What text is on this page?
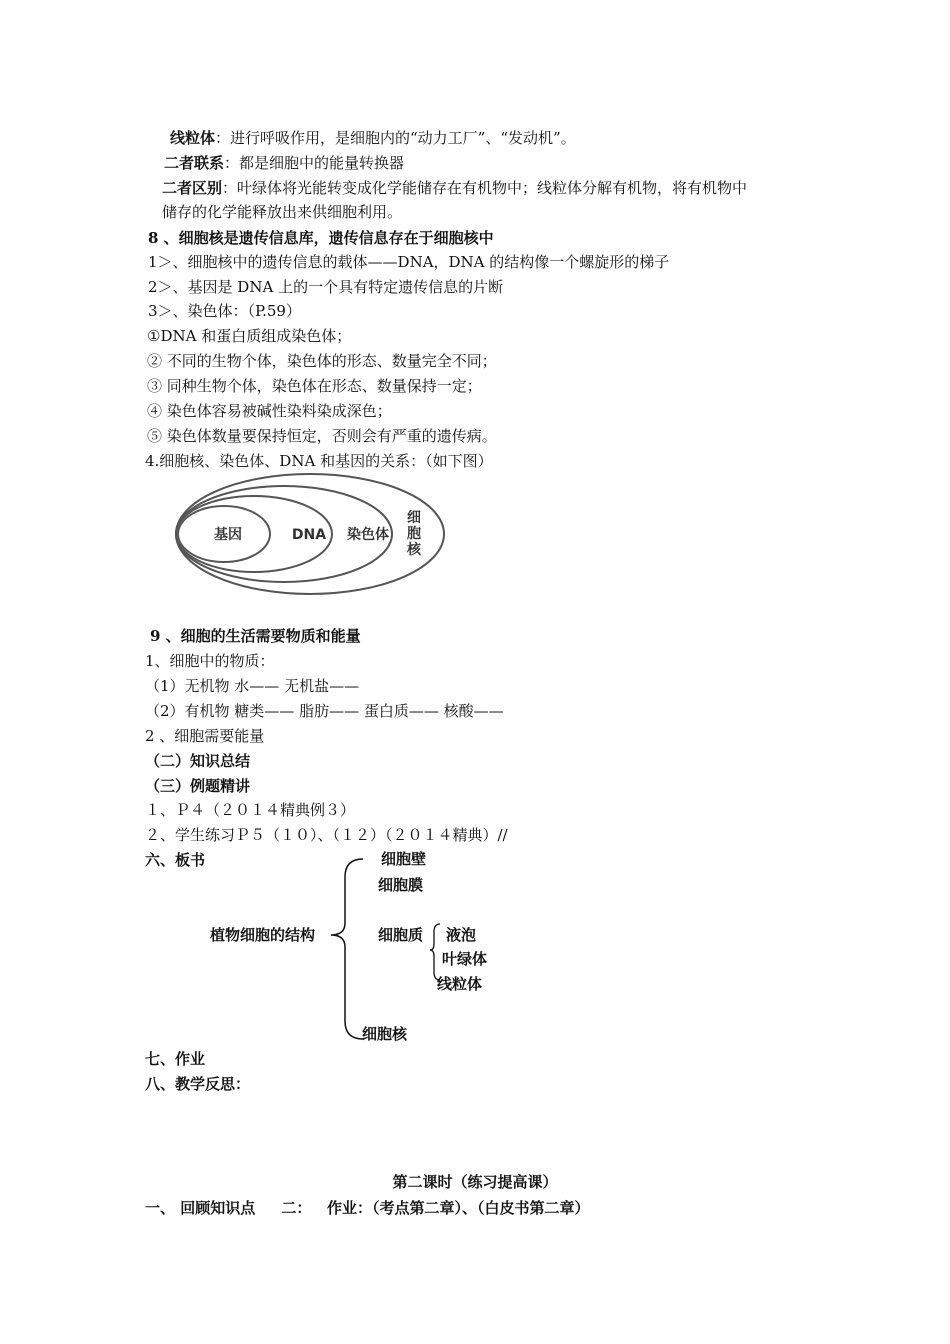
线粒体：进行呼吸作用，是细胞内的“动力工厂”、“发动机”。
二者联系：都是细胞中的能量转换器
二者区别：叶绿体将光能转变成化学能储存在有机物中；线粒体分解有机物，将有机物中
储存的化学能释放出来供细胞利用。
8 、细胞核是遗传信息库，遗传信息存在于细胞核中
1＞、细胞核中的遗传信息的载体——DNA，DNA 的结构像一个螺旋形的梯子
2＞、基因是 DNA 上的一个具有特定遗传信息的片断
3＞、染色体：（P.59）
①DNA 和蛋白质组成染色体；
② 不同的生物个体，染色体的形态、数量完全不同；
③ 同种生物个体，染色体在形态、数量保持一定；
④ 染色体容易被碱性染料染成深色；
⑤ 染色体数量要保持恒定，否则会有严重的遗传病。
4.细胞核、染色体、DNA 和基因的关系：（如下图）
基因	DNA 染色体
细
胞
核
9 、细胞的生活需要物质和能量
1、细胞中的物质：
（1）无机物 水—— 无机盐——
（2）有机物 糖类—— 脂肪—— 蛋白质—— 核酸——
2 、细胞需要能量
（二）知识总结
（三）例题精讲
１、Ｐ４（２０１４精典例３）
２、学生练习Ｐ５（１０）、（１２）（２０１４精典）//
六、板书
植物细胞的结构
细胞壁
细胞膜
细胞质 液泡
叶绿体
线粒体
细胞核
七、作业
八、教学反思：
第二课时（练习提高课）
一、 回顾知识点     二：   作业：（考点第二章）、（白皮书第二章）
